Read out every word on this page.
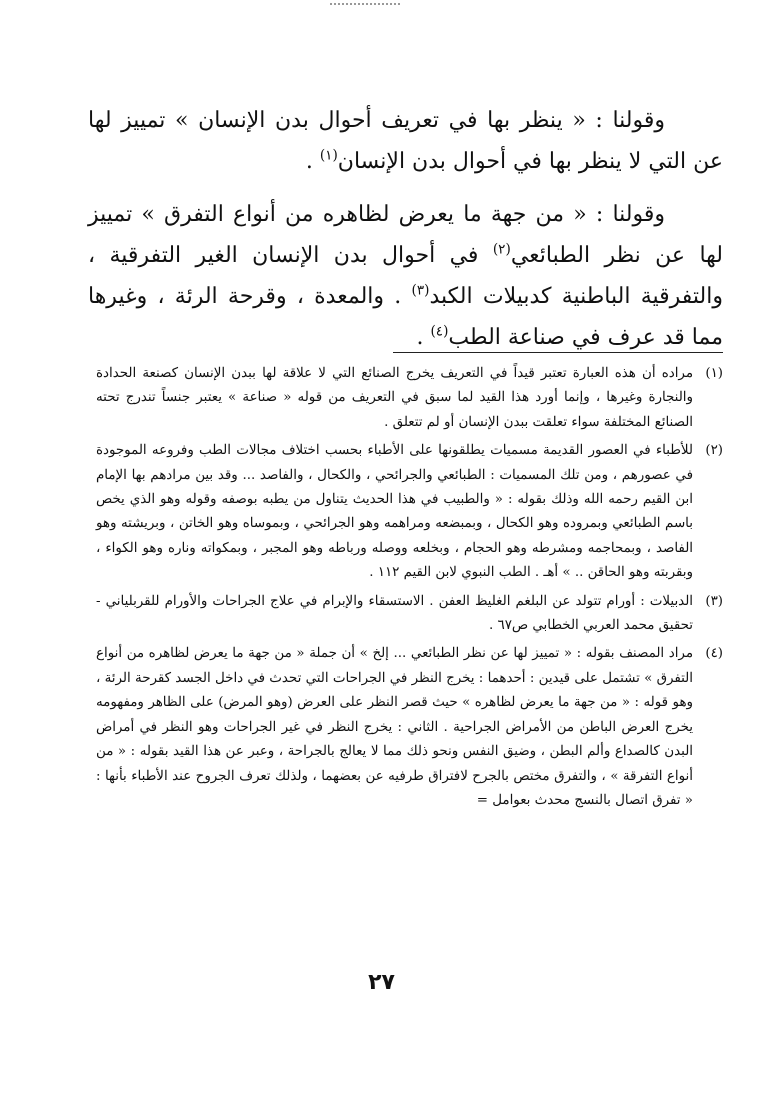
وقولنا : « ينظر بها في تعريف أحوال بدن الإنسان » تمييز لها عن التي لا ينظر بها في أحوال بدن الإنسان$^{(١)}$ .

وقولنا : « من جهة ما يعرض لظاهره من أنواع التفرق » تمييز لها عن نظر الطبائعي$^{(٢)}$ في أحوال بدن الإنسان الغير التفرقية ، والتفرقية الباطنية كدبيلات الكبد$^{(٣)}$ . والمعدة ، وقرحة الرئة ، وغيرها مما قد عرف في صناعة الطب$^{(٤)}$ .

(١)
مراده أن هذه العبارة تعتبر قيداً في التعريف يخرج الصنائع التي لا علاقة لها ببدن الإنسان كصنعة الحدادة والنجارة وغيرها ، وإنما أورد هذا القيد لما سبق في التعريف من قوله « صناعة » يعتبر جنساً تندرج تحته الصنائع المختلفة سواء تعلقت ببدن الإنسان أو لم تتعلق .
(٢)
للأطباء في العصور القديمة مسميات يطلقونها على الأطباء بحسب اختلاف مجالات الطب وفروعه الموجودة في عصورهم ، ومن تلك المسميات : الطبائعي والجرائحي ، والكحال ، والفاصد ... وقد بين مرادهم بها الإمام ابن القيم رحمه الله وذلك بقوله : « والطبيب في هذا الحديث يتناول من يطبه بوصفه وقوله وهو الذي يخص باسم الطبائعي وبمروده وهو الكحال ، وبمبضعه ومراهمه وهو الجرائحي ، وبموساه وهو الخاتن ، وبريشته وهو الفاصد ، وبمحاجمه ومشرطه وهو الحجام ، وبخلعه ووصله ورباطه وهو المجبر ، وبمكواته وناره وهو الكواء ، وبقربته وهو الحاقن .. » أهـ . الطب النبوي لابن القيم ١١٢ .
(٣)
الدبيلات : أورام تتولد عن البلغم الغليظ العفن . الاستسقاء والإبرام في علاج الجراحات والأورام للقربلياني - تحقيق محمد العربي الخطابي ص٦٧ .
(٤)
مراد المصنف بقوله : « تمييز لها عن نظر الطبائعي ... إلخ » أن جملة « من جهة ما يعرض لظاهره من أنواع التفرق » تشتمل على قيدين : أحدهما : يخرج النظر في الجراحات التي تحدث في داخل الجسد كقرحة الرئة ، وهو قوله : « من جهة ما يعرض لظاهره » حيث قصر النظر على العرض (وهو المرض) على الظاهر ومفهومه يخرج العرض الباطن من الأمراض الجراحية . الثاني : يخرج النظر في غير الجراحات وهو النظر في أمراض البدن كالصداع وألم البطن ، وضيق النفس ونحو ذلك مما لا يعالج بالجراحة ، وعبر عن هذا القيد بقوله : « من أنواع التفرقة » ، والتفرق مختص بالجرح لافتراق طرفيه عن بعضهما ، ولذلك تعرف الجروح عند الأطباء بأنها : « تفرق اتصال بالنسج محدث بعوامل =
٢٧
